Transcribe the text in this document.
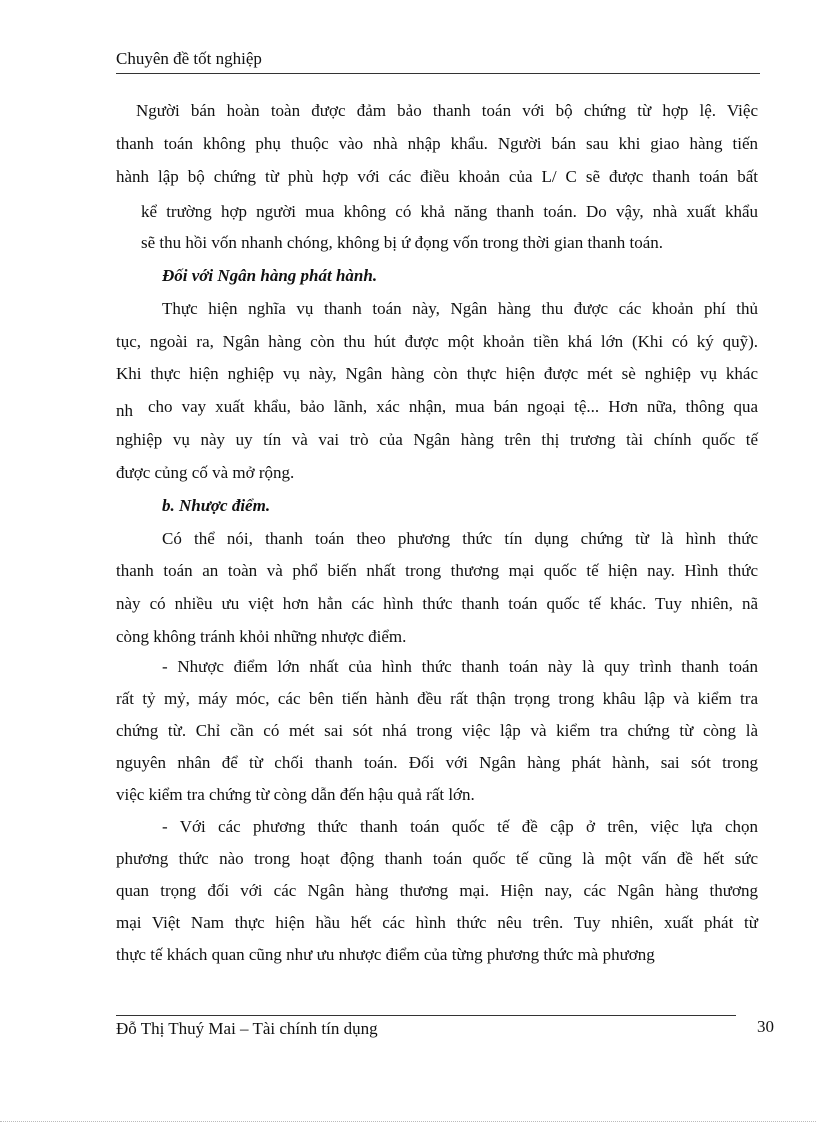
Chuyên đề tốt nghiệp
Người bán hoàn toàn được đảm bảo thanh toán với bộ chứng từ hợp lệ. Việc
thanh toán không phụ thuộc vào nhà nhập khẩu. Người bán sau khi giao hàng tiến
hành lập bộ chứng từ phù hợp với các điều khoản của L/ C sẽ được thanh toán bất
kể trường hợp người mua không có khả năng thanh toán. Do vậy, nhà xuất khẩu
sẽ thu hồi vốn nhanh chóng, không bị ứ đọng vốn trong thời gian thanh toán.
Đối với Ngân hàng phát hành.
Thực hiện nghĩa vụ thanh toán này, Ngân hàng thu được các khoản phí thủ
tục, ngoài ra, Ngân hàng còn thu hút được một khoản tiền khá lớn (Khi có ký quỹ).
Khi thực hiện nghiệp vụ này, Ngân hàng còn thực hiện được mét sè nghiệp vụ khác
nh cho vay xuất khẩu, bảo lãnh, xác nhận, mua bán ngoại tệ... Hơn nữa, thông qua
nghiệp vụ này uy tín và vai trò của Ngân hàng trên thị trương tài chính quốc tế
được củng cố và mở rộng.
b. Nhược điểm.
Có thể nói, thanh toán theo phương thức tín dụng chứng từ là hình thức
thanh toán an toàn và phổ biến nhất trong thương mại quốc tế hiện nay. Hình thức
này có nhiều ưu việt hơn hẳn các hình thức thanh toán quốc tế khác. Tuy nhiên, nã
còng không tránh khỏi những nhược điểm.
- Nhược điểm lớn nhất của hình thức thanh toán này là quy trình thanh toán
rất tỷ mỷ, máy móc, các bên tiến hành đều rất thận trọng trong khâu lập và kiểm tra
chứng từ. Chỉ cần có mét sai sót nhá trong việc lập và kiểm tra chứng từ còng là
nguyên nhân để từ chối thanh toán. Đối với Ngân hàng phát hành, sai sót trong
việc kiểm tra chứng từ còng dẫn đến hậu quả rất lớn.
- Với các phương thức thanh toán quốc tế đề cập ở trên, việc lựa chọn
phương thức nào trong hoạt động thanh toán quốc tế cũng là một vấn đề hết sức
quan trọng đối với các Ngân hàng thương mại. Hiện nay, các Ngân hàng thương
mại Việt Nam thực hiện hầu hết các hình thức nêu trên. Tuy nhiên, xuất phát từ
thực tế khách quan cũng như ưu nhược điểm của từng phương thức mà phương
Đỗ Thị Thuý Mai – Tài chính tín dụng	30
